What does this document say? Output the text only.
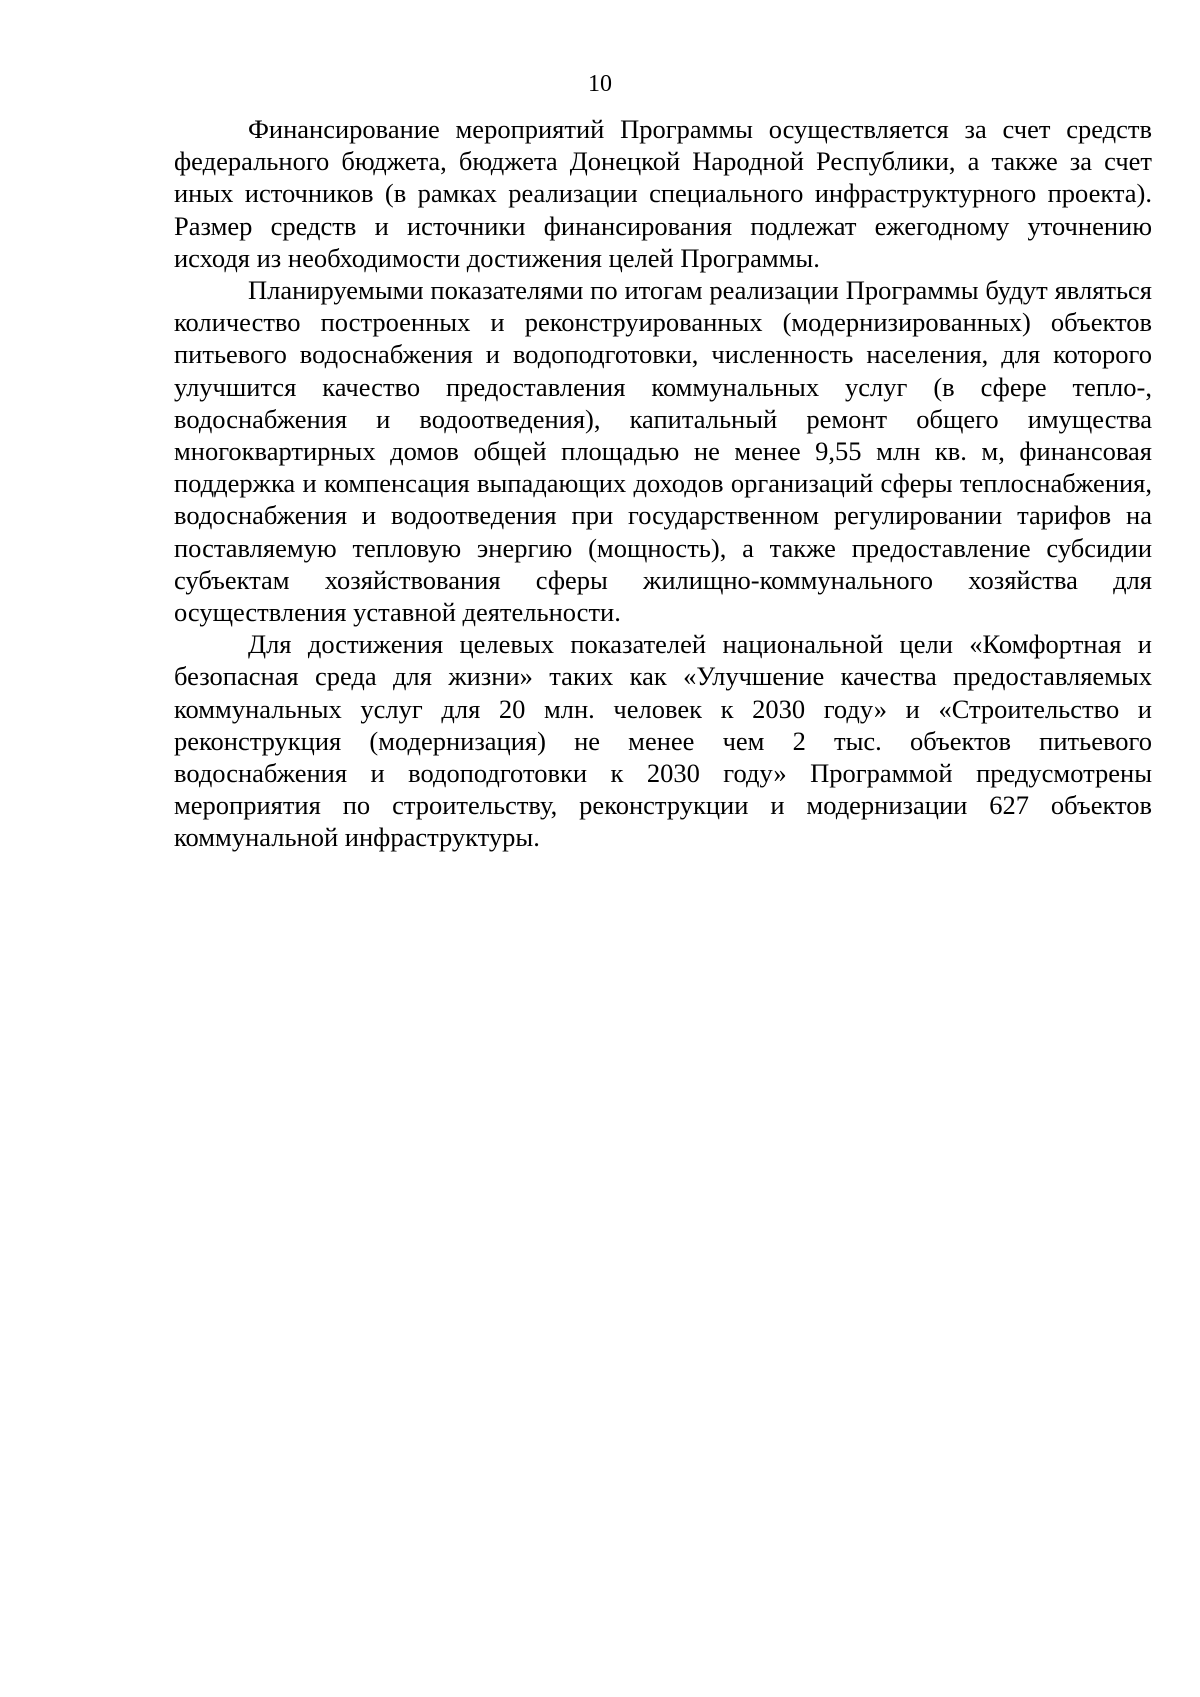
10

Финансирование мероприятий Программы осуществляется за счет средств федерального бюджета, бюджета Донецкой Народной Республики, а также за счет иных источников (в рамках реализации специального инфраструктурного проекта). Размер средств и источники финансирования подлежат ежегодному уточнению исходя из необходимости достижения целей Программы.

Планируемыми показателями по итогам реализации Программы будут являться количество построенных и реконструированных (модернизированных) объектов питьевого водоснабжения и водоподготовки, численность населения, для которого улучшится качество предоставления коммунальных услуг (в сфере тепло-, водоснабжения и водоотведения), капитальный ремонт общего имущества многоквартирных домов общей площадью не менее 9,55 млн кв. м, финансовая поддержка и компенсация выпадающих доходов организаций сферы теплоснабжения, водоснабжения и водоотведения при государственном регулировании тарифов на поставляемую тепловую энергию (мощность), а также предоставление субсидии субъектам хозяйствования сферы жилищно-коммунального хозяйства для осуществления уставной деятельности.

Для достижения целевых показателей национальной цели «Комфортная и безопасная среда для жизни» таких как «Улучшение качества предоставляемых коммунальных услуг для 20 млн. человек к 2030 году» и «Строительство и реконструкция (модернизация) не менее чем 2 тыс. объектов питьевого водоснабжения и водоподготовки к 2030 году» Программой предусмотрены мероприятия по строительству, реконструкции и модернизации 627 объектов коммунальной инфраструктуры.
